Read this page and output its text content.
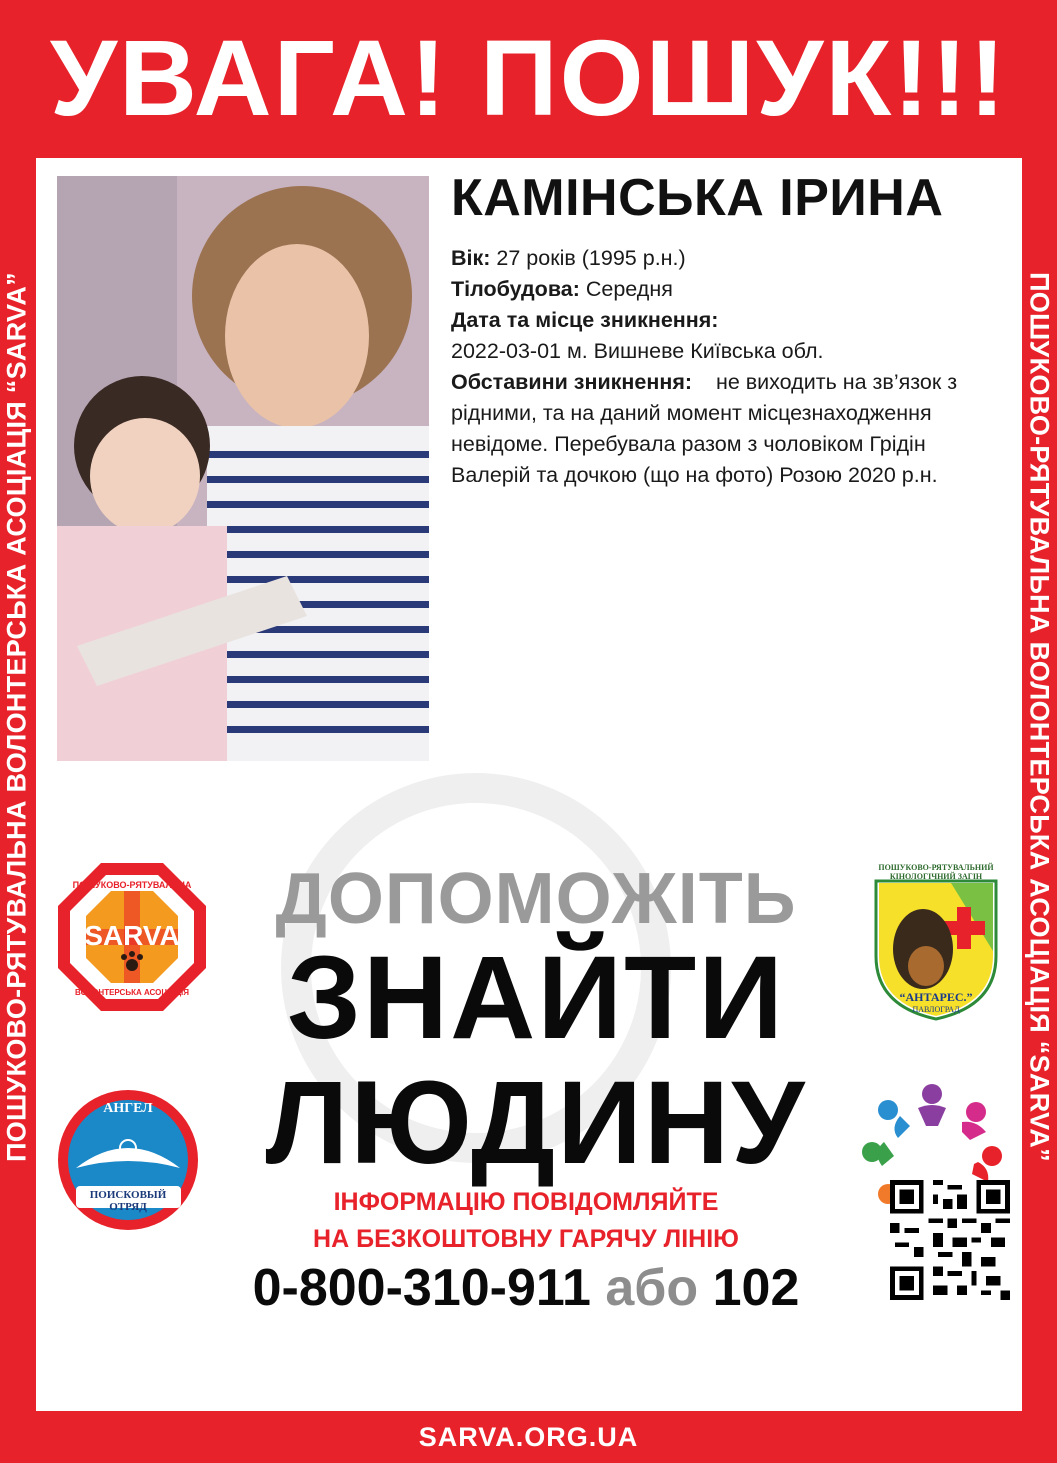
УВАГА! ПОШУК!!!
ПОШУКОВО-РЯТУВАЛЬНА ВОЛОНТЕРСЬКА АСОЦІАЦІЯ “SARVA”	ПОШУКОВО-РЯТУВАЛЬНА ВОЛОНТЕРСЬКА АСОЦІАЦІЯ “SARVA”
КАМІНСЬКА ІРИНА
Вік: 27 років (1995 р.н.)
Тілобудова: Середня
Дата та місце зникнення:
2022-03-01 м. Вишневе Київська обл.
Обставини зникнення:    не виходить на зв’язок з рідними, та на даний момент місцезнаходження невідоме. Перебувала разом з чоловіком Грідін Валерій та дочкою (що на фото) Розою 2020 р.н.
SARVA
ПОШУКОВО-РЯТУВАЛЬНА
ВОЛОНТЕРСЬКА АСОЦІАЦІЯ
ПОШУКОВО-РЯТУВАЛЬНИЙ
КІНОЛОГІЧНИЙ ЗАГІН
“АНТАРЕС.”
ПАВЛОГРАД
АНГЕЛ
ПОИСКОВЫЙ
ОТРЯД
ДОПОМОЖІТЬ
ЗНАЙТИ
ЛЮДИНУ
ІНФОРМАЦІЮ ПОВІДОМЛЯЙТЕ
НА БЕЗКОШТОВНУ ГАРЯЧУ ЛІНІЮ
0-800-310-911 або 102
SARVA.ORG.UA
